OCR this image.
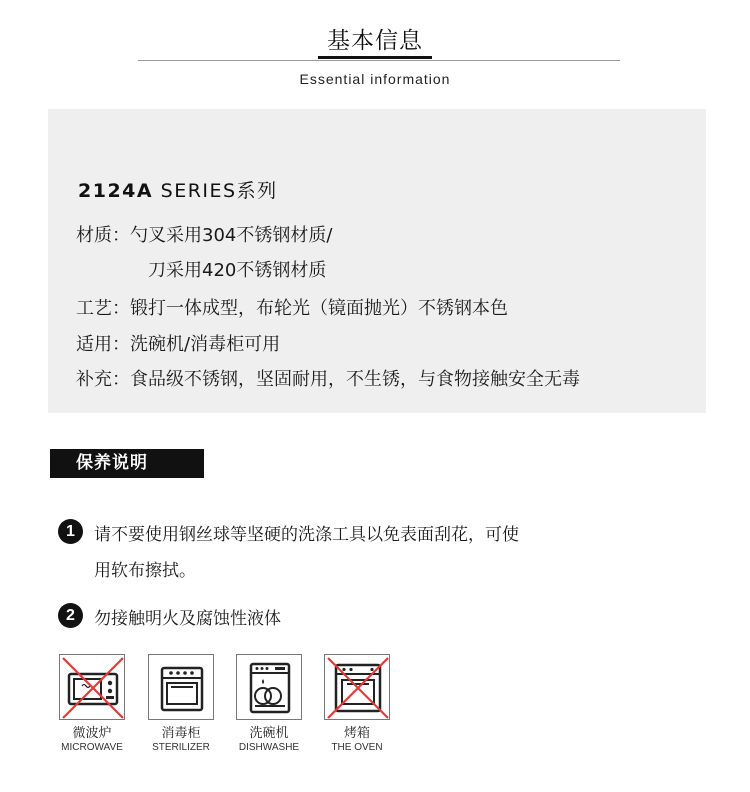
基本信息
Essential information
2124A SERIES系列
材质：勺叉采用304不锈钢材质/
刀采用420不锈钢材质
工艺：锻打一体成型，布轮光（镜面抛光）不锈钢本色
适用：洗碗机/消毒柜可用
补充：食品级不锈钢，坚固耐用，不生锈，与食物接触安全无毒
保养说明
1	请不要使用钢丝球等坚硬的洗涤工具以免表面刮花，可使
用软布擦拭。
2	勿接触明火及腐蚀性液体
微波炉
MICROWAVE
消毒柜
STERILIZER
洗碗机
DISHWASHE
烤箱
THE OVEN
